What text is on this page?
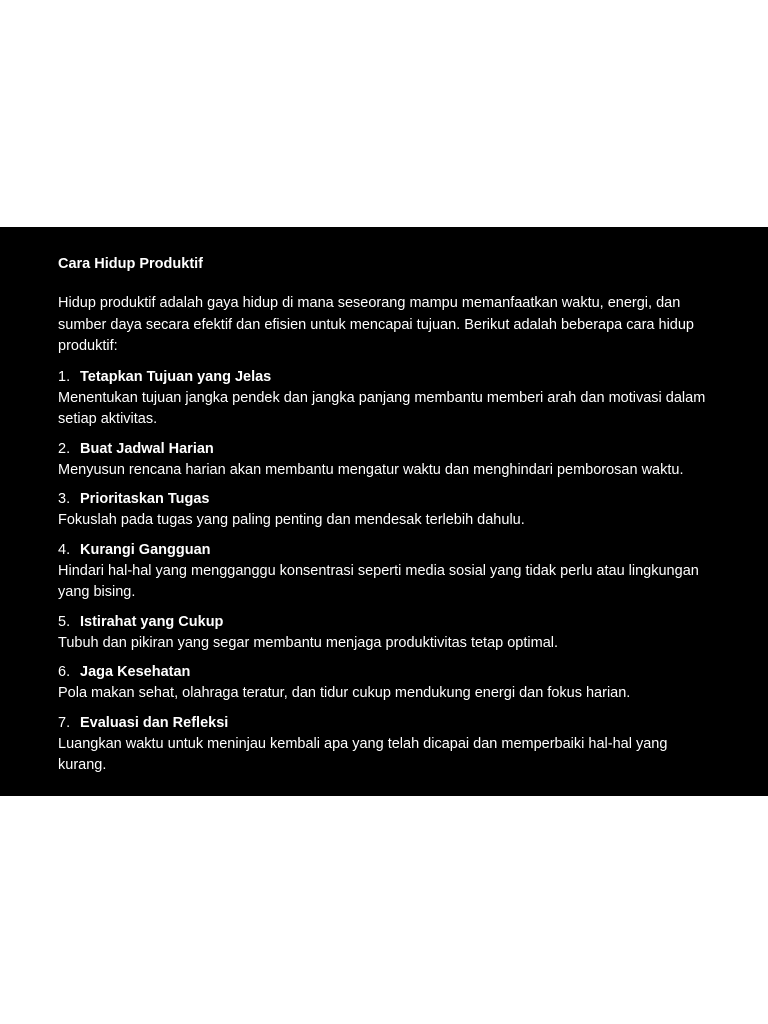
Cara Hidup Produktif
Hidup produktif adalah gaya hidup di mana seseorang mampu memanfaatkan waktu, energi, dan sumber daya secara efektif dan efisien untuk mencapai tujuan. Berikut adalah beberapa cara hidup produktif:
1. Tetapkan Tujuan yang Jelas
Menentukan tujuan jangka pendek dan jangka panjang membantu memberi arah dan motivasi dalam setiap aktivitas.
2. Buat Jadwal Harian
Menyusun rencana harian akan membantu mengatur waktu dan menghindari pemborosan waktu.
3. Prioritaskan Tugas
Fokuslah pada tugas yang paling penting dan mendesak terlebih dahulu.
4. Kurangi Gangguan
Hindari hal-hal yang mengganggu konsentrasi seperti media sosial yang tidak perlu atau lingkungan yang bising.
5. Istirahat yang Cukup
Tubuh dan pikiran yang segar membantu menjaga produktivitas tetap optimal.
6. Jaga Kesehatan
Pola makan sehat, olahraga teratur, dan tidur cukup mendukung energi dan fokus harian.
7. Evaluasi dan Refleksi
Luangkan waktu untuk meninjau kembali apa yang telah dicapai dan memperbaiki hal-hal yang kurang.
